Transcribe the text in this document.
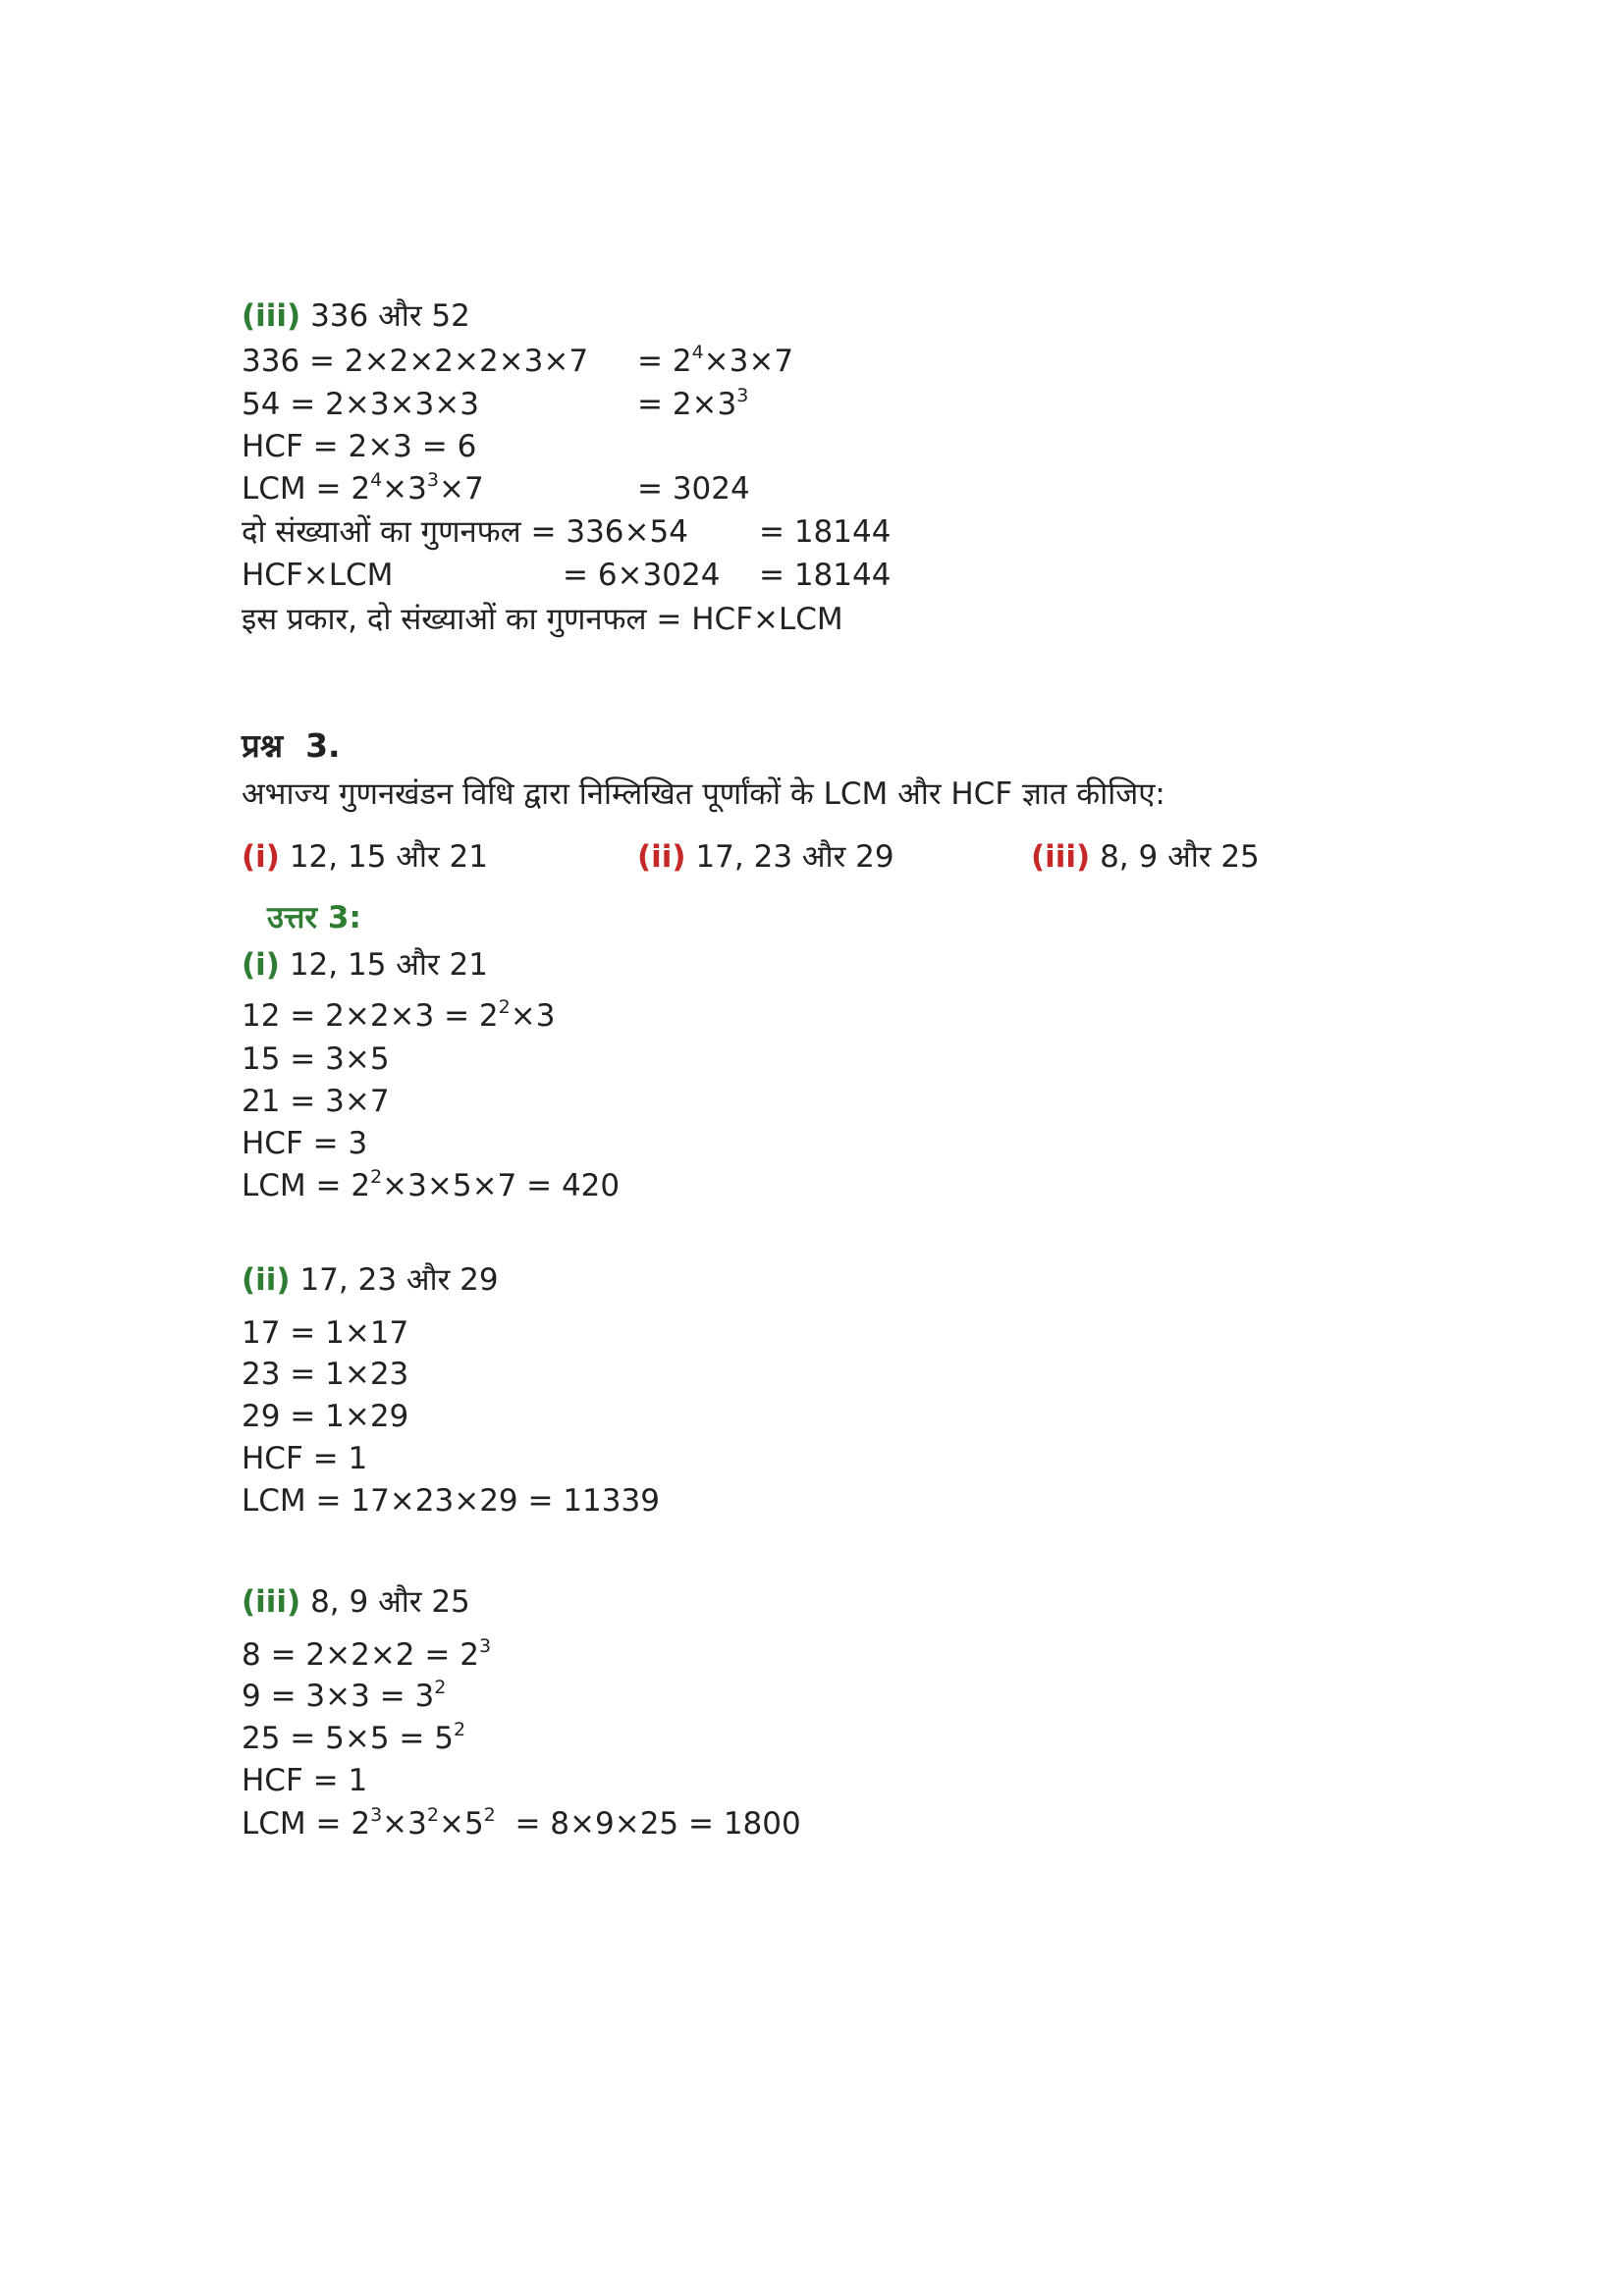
(iii) 336 और 52
$336 = 2\times 2\times 2\times 2\times 3\times 7 = 2^4\times 3\times 7$
54 = 2×3×3×3	= $2\times 3^3$
HCF = 2×3 = 6
LCM = $2^4\times 3^3\times 7$	= 3024
दो संख्याओं का गुणनफल = 336×54 = 18144
HCF×LCM	= 6×3024 = 18144
इस प्रकार, दो संख्याओं का गुणनफल = HCF×LCM
प्रश्न  3.
अभाज्य गुणनखंडन विधि द्वारा निम्लिखित पूर्णांकों के LCM और HCF ज्ञात कीजिए:
(i) 12, 15 और 21	(ii) 17, 23 और 29	(iii) 8, 9 और 25
उत्तर 3:
(i) 12, 15 और 21
$12 = 2\times 2\times 3 = 2^2\times 3$
15 = 3×5
21 = 3×7
HCF = 3
LCM = $2^2\times 3\times 5\times 7 = 420$
(ii) 17, 23 और 29
17 = 1×17
23 = 1×23
29 = 1×29
HCF = 1
LCM = 17×23×29 = 11339
(iii) 8, 9 और 25
$8 = 2\times 2\times 2 = 2^3$
$9 = 3\times 3 = 3^2$
$25 = 5\times 5 = 5^2$
HCF = 1
LCM = $2^3\times 3^2\times 5^2 = 8\times 9\times 25 = 1800$
